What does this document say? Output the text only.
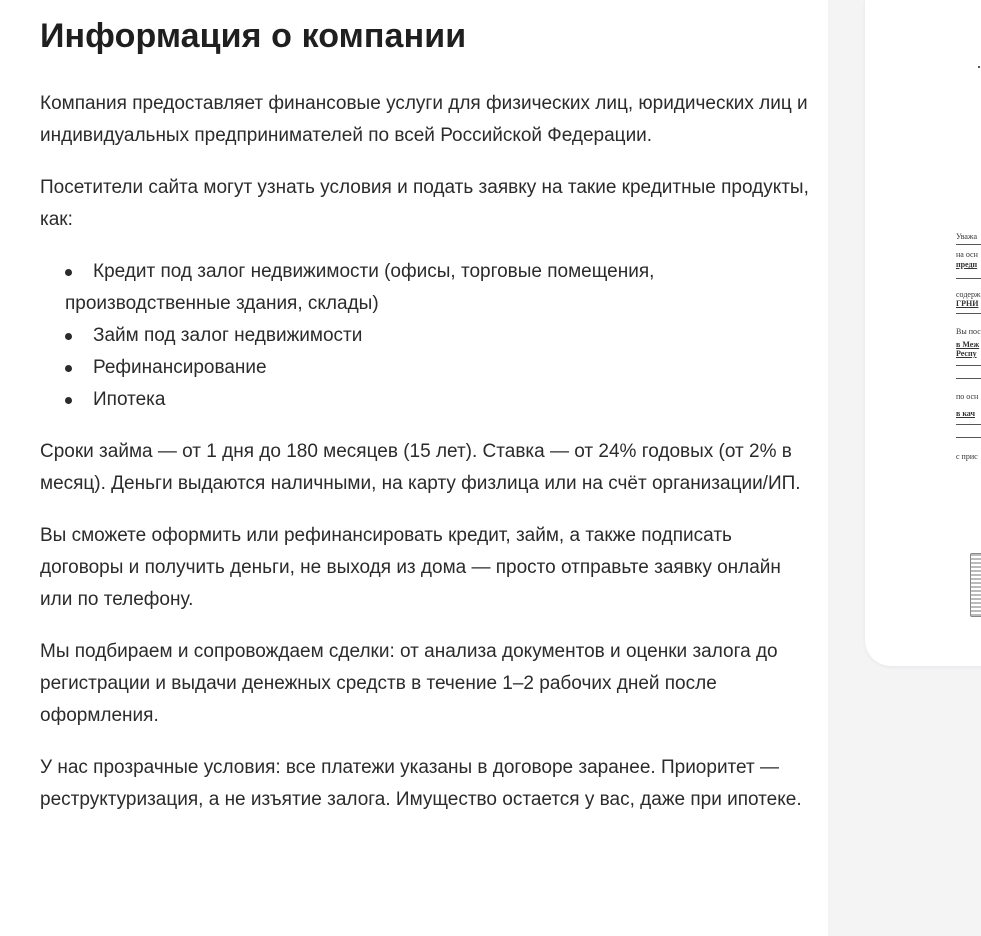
Информация о компании

Компания предоставляет финансовые услуги для физических лиц, юридических лиц и индивидуальных предпринимателей по всей Российской Федерации.

Посетители сайта могут узнать условия и подать заявку на такие кредитные продукты, как:

Кредит под залог недвижимости (офисы, торговые помещения, производственные здания, склады)
Займ под залог недвижимости
Рефинансирование
Ипотека

Сроки займа — от 1 дня до 180 месяцев (15 лет). Ставка — от 24% годовых (от 2% в месяц). Деньги выдаются наличными, на карту физлица или на счёт организации/ИП.

Вы сможете оформить или рефинансировать кредит, займ, а также подписать договоры и получить деньги, не выходя из дома — просто отправьте заявку онлайн или по телефону.

Мы подбираем и сопровождаем сделки: от анализа документов и оценки залога до регистрации и выдачи денежных средств в течение 1–2 рабочих дней после оформления.

У нас прозрачные условия: все платежи указаны в договоре заранее. Приоритет — реструктуризация, а не изъятие залога. Имущество остается у вас, даже при ипотеке.

Уважа
на осн
предп
содерж
ГРНИ
Вы пос
в Меж
Респу
по осн
в кач
с прис
